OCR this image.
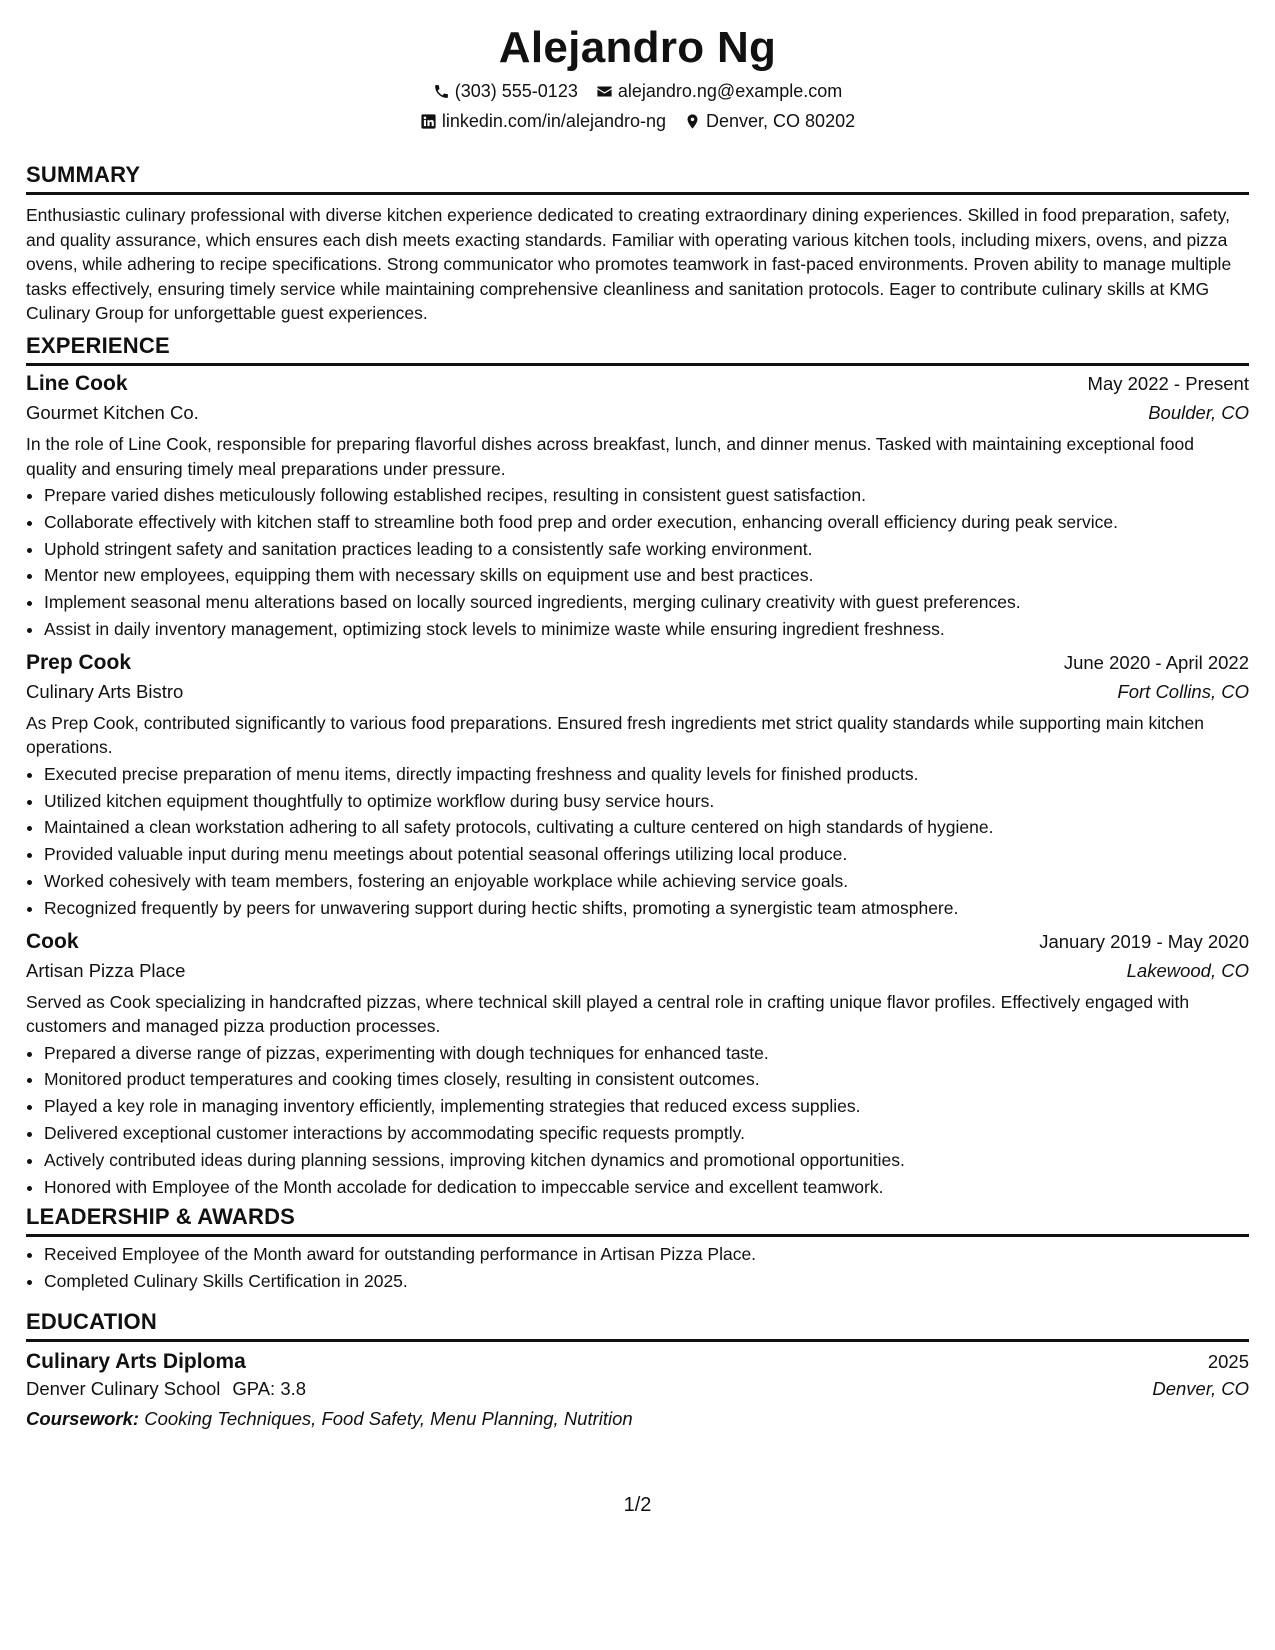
Alejandro Ng
(303) 555-0123 alejandro.ng@example.com
linkedin.com/in/alejandro-ng Denver, CO 80202
SUMMARY
Enthusiastic culinary professional with diverse kitchen experience dedicated to creating extraordinary dining experiences. Skilled in food preparation, safety, and quality assurance, which ensures each dish meets exacting standards. Familiar with operating various kitchen tools, including mixers, ovens, and pizza ovens, while adhering to recipe specifications. Strong communicator who promotes teamwork in fast-paced environments. Proven ability to manage multiple tasks effectively, ensuring timely service while maintaining comprehensive cleanliness and sanitation protocols. Eager to contribute culinary skills at KMG Culinary Group for unforgettable guest experiences.
EXPERIENCE
Line Cook	May 2022 - Present
Gourmet Kitchen Co.	Boulder, CO
In the role of Line Cook, responsible for preparing flavorful dishes across breakfast, lunch, and dinner menus. Tasked with maintaining exceptional food quality and ensuring timely meal preparations under pressure.
• Prepare varied dishes meticulously following established recipes, resulting in consistent guest satisfaction.
• Collaborate effectively with kitchen staff to streamline both food prep and order execution, enhancing overall efficiency during peak service.
• Uphold stringent safety and sanitation practices leading to a consistently safe working environment.
• Mentor new employees, equipping them with necessary skills on equipment use and best practices.
• Implement seasonal menu alterations based on locally sourced ingredients, merging culinary creativity with guest preferences.
• Assist in daily inventory management, optimizing stock levels to minimize waste while ensuring ingredient freshness.
Prep Cook	June 2020 - April 2022
Culinary Arts Bistro	Fort Collins, CO
As Prep Cook, contributed significantly to various food preparations. Ensured fresh ingredients met strict quality standards while supporting main kitchen operations.
• Executed precise preparation of menu items, directly impacting freshness and quality levels for finished products.
• Utilized kitchen equipment thoughtfully to optimize workflow during busy service hours.
• Maintained a clean workstation adhering to all safety protocols, cultivating a culture centered on high standards of hygiene.
• Provided valuable input during menu meetings about potential seasonal offerings utilizing local produce.
• Worked cohesively with team members, fostering an enjoyable workplace while achieving service goals.
• Recognized frequently by peers for unwavering support during hectic shifts, promoting a synergistic team atmosphere.
Cook	January 2019 - May 2020
Artisan Pizza Place	Lakewood, CO
Served as Cook specializing in handcrafted pizzas, where technical skill played a central role in crafting unique flavor profiles. Effectively engaged with customers and managed pizza production processes.
• Prepared a diverse range of pizzas, experimenting with dough techniques for enhanced taste.
• Monitored product temperatures and cooking times closely, resulting in consistent outcomes.
• Played a key role in managing inventory efficiently, implementing strategies that reduced excess supplies.
• Delivered exceptional customer interactions by accommodating specific requests promptly.
• Actively contributed ideas during planning sessions, improving kitchen dynamics and promotional opportunities.
• Honored with Employee of the Month accolade for dedication to impeccable service and excellent teamwork.
LEADERSHIP & AWARDS
• Received Employee of the Month award for outstanding performance in Artisan Pizza Place.
• Completed Culinary Skills Certification in 2025.
EDUCATION
Culinary Arts Diploma	2025
Denver Culinary School GPA: 3.8	Denver, CO
Coursework: Cooking Techniques, Food Safety, Menu Planning, Nutrition
1/2
